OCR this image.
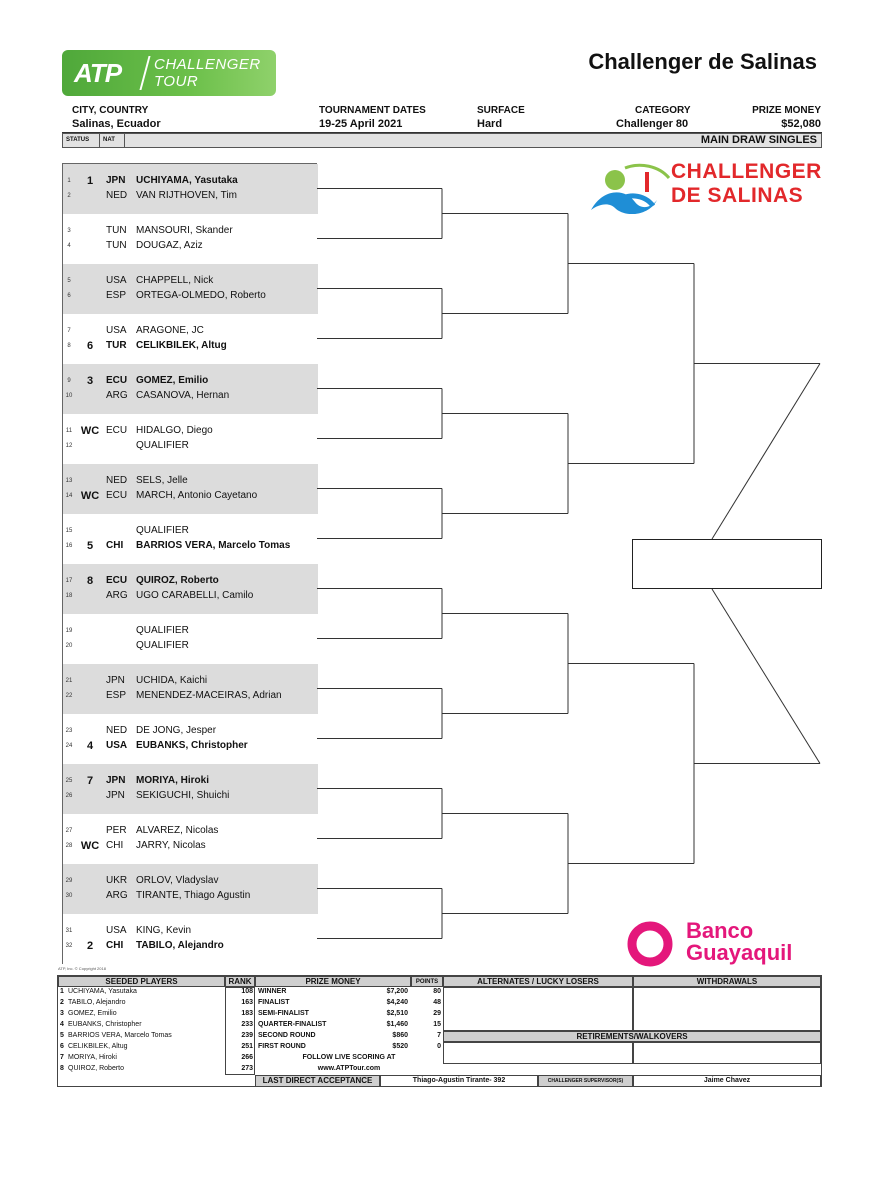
ATP CHALLENGER
TOUR
Challenger de Salinas
CITY, COUNTRY
Salinas, Ecuador
TOURNAMENT DATES
19-25 April 2021
SURFACE
Hard
CATEGORY
Challenger 80
PRIZE MONEY
$52,080
STATUS	NAT	MAIN DRAW SINGLES
1	1	JPN	UCHIYAMA, Yasutaka
2	NED VAN RIJTHOVEN, Tim
3	TUN MANSOURI, Skander
4	TUN DOUGAZ, Aziz
5	USA CHAPPELL, Nick
6	ESP ORTEGA-OLMEDO, Roberto
7	USA ARAGONE, JC
8	6	TUR CELIKBILEK, Altug
9	3	ECU GOMEZ, Emilio
10	ARG CASANOVA, Hernan
11 WC ECU HIDALGO, Diego
12	QUALIFIER
13	NED SELS, Jelle
14 WC ECU MARCH, Antonio Cayetano
15	QUALIFIER
16	5	CHI	BARRIOS VERA, Marcelo Tomas
17	8	ECU QUIROZ, Roberto
18	ARG UGO CARABELLI, Camilo
19	QUALIFIER
20	QUALIFIER
21	JPN	UCHIDA, Kaichi
22	ESP MENENDEZ-MACEIRAS, Adrian
23	NED DE JONG, Jesper
24	4	USA EUBANKS, Christopher
25	7	JPN	MORIYA, Hiroki
26	JPN	SEKIGUCHI, Shuichi
27	PER ALVAREZ, Nicolas
28 WC CHI	JARRY, Nicolas
29	UKR ORLOV, Vladyslav
30	ARG TIRANTE, Thiago Agustin
31	USA KING, Kevin
32	2	CHI	TABILO, Alejandro
CHALLENGER
DE SALINAS
Banco
Guayaquil
ATP, Inc. © Copyright 2018
SEEDED PLAYERS	RANK	PRIZE MONEY	POINTS	ALTERNATES / LUCKY LOSERS	WITHDRAWALS
1 UCHIYAMA, Yasutaka	108
2 TABILO, Alejandro	163
3 GOMEZ, Emilio	183
4 EUBANKS, Christopher	233
5 BARRIOS VERA, Marcelo Tomas	239
6 CELIKBILEK, Altug	251
7 MORIYA, Hiroki	266
8 QUIROZ, Roberto	273
WINNER	$7,200	80
FINALIST	$4,240	48
SEMI-FINALIST	$2,510	29
QUARTER-FINALIST	$1,460	15
SECOND ROUND	$860	7
FIRST ROUND	$520	0
RETIREMENTS/WALKOVERS
FOLLOW LIVE SCORING AT
www.ATPTour.com
LAST DIRECT ACCEPTANCE	Thiago-Agustin Tirante- 392	CHALLENGER SUPERVISOR(S)	Jaime Chavez
